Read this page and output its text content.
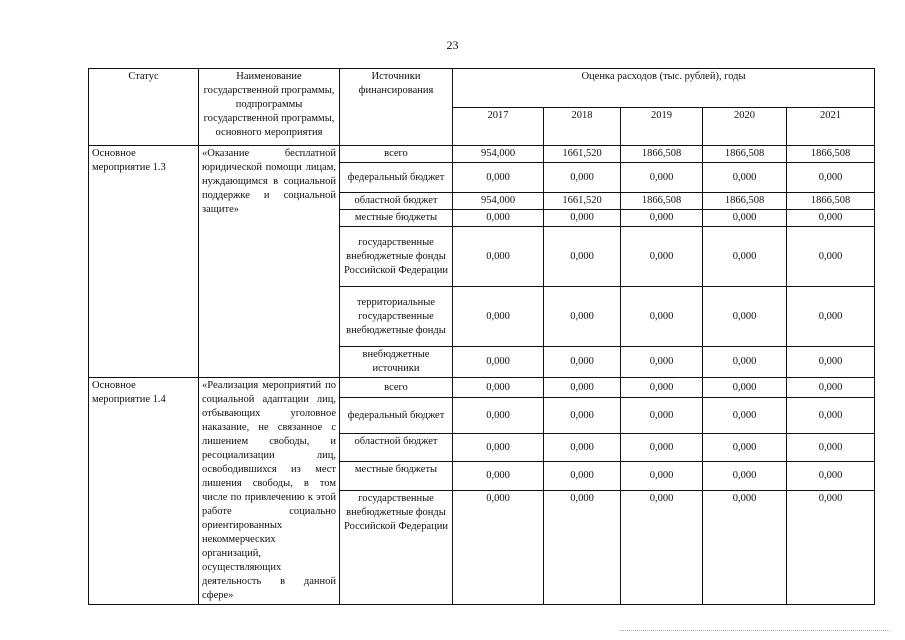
23
Статус	Наименование государственной программы, подпрограммы государственной программы, основного мероприятия	Источники финансирования	Оценка расходов (тыс. рублей), годы				
			2017	2018	2019	2020	2021
Основное мероприятие 1.3	«Оказание бесплатной юридической помощи лицам, нуждающимся в социальной поддержке и социальной защите»	всего	954,000	1661,520	1866,508	1866,508	1866,508
		федеральный бюджет	0,000	0,000	0,000	0,000	0,000
		областной бюджет	954,000	1661,520	1866,508	1866,508	1866,508
		местные бюджеты	0,000	0,000	0,000	0,000	0,000
		государственные внебюджетные фонды Российской Федерации	0,000	0,000	0,000	0,000	0,000
		территориальные государственные внебюджетные фонды	0,000	0,000	0,000	0,000	0,000
		внебюджетные источники	0,000	0,000	0,000	0,000	0,000
Основное мероприятие 1.4	«Реализация мероприятий по социальной адаптации лиц, отбывающих уголовное наказание, не связанное с лишением свободы, и ресоциализации лиц, освободившихся из мест лишения свободы, в том числе по привлечению к этой работе социально ориентированных некоммерческих организаций, осуществляющих деятельность в данной сфере»	всего	0,000	0,000	0,000	0,000	0,000
		федеральный бюджет	0,000	0,000	0,000	0,000	0,000
		областной бюджет	0,000	0,000	0,000	0,000	0,000
		местные бюджеты	0,000	0,000	0,000	0,000	0,000
		государственные внебюджетные фонды Российской Федерации	0,000	0,000	0,000	0,000	0,000
